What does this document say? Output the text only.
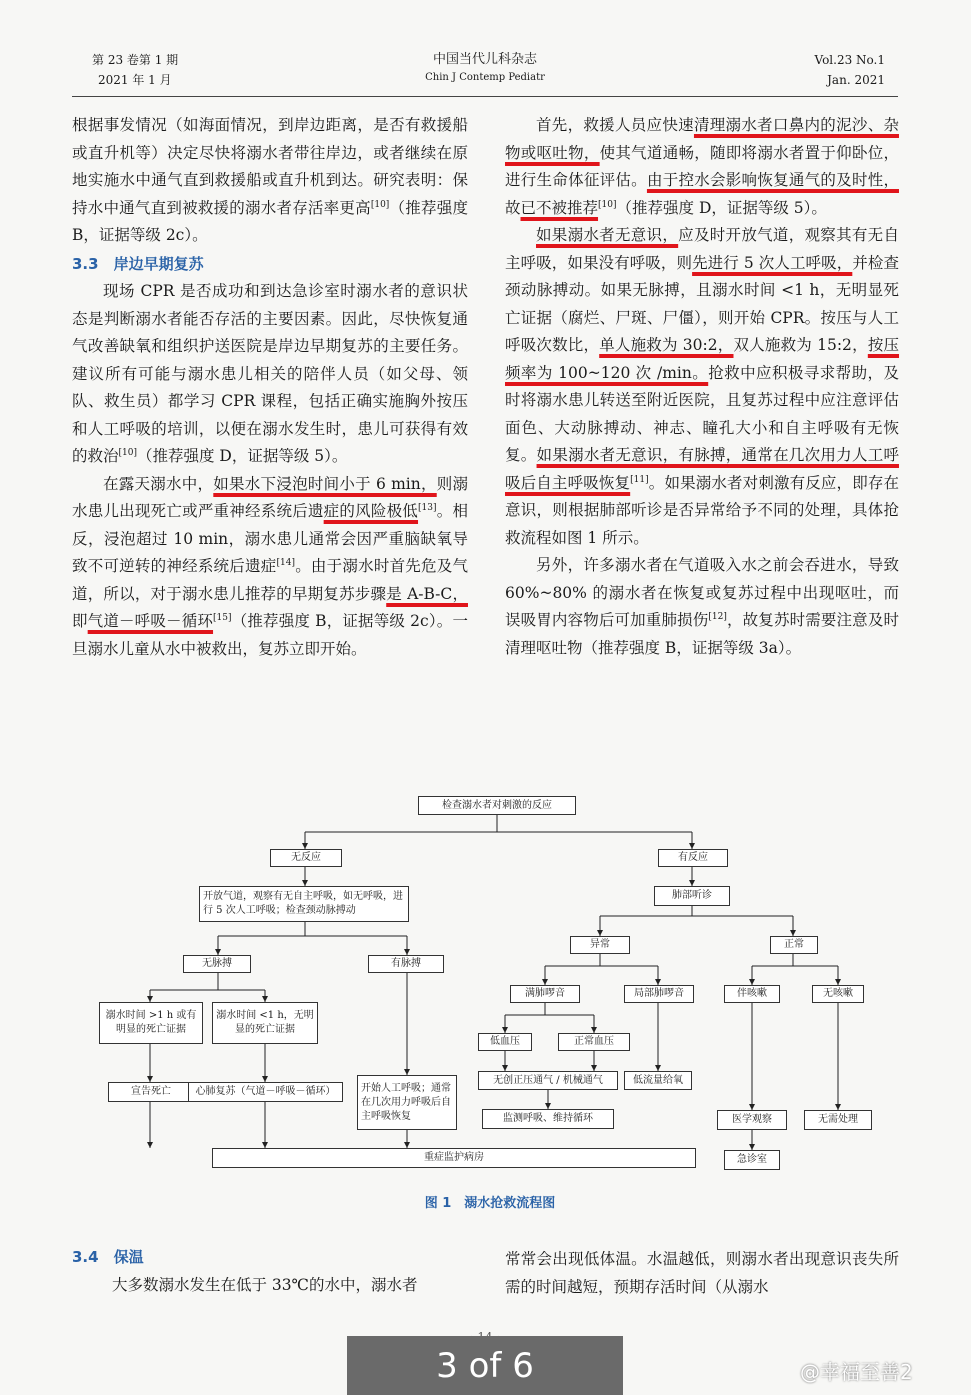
第 23 卷第 1 期
2021 年 1 月
中国当代儿科杂志
Chin J Contemp Pediatr
Vol.23 No.1
Jan. 2021

根据事发情况（如海面情况，到岸边距离，是否有救援船或直升机等）决定尽快将溺水者带往岸边，或者继续在原地实施水中通气直到救援船或直升机到达。研究表明：保持水中通气直到被救援的溺水者存活率更高[10]（推荐强度 B，证据等级 2c）。

3.3　岸边早期复苏

现场 CPR 是否成功和到达急诊室时溺水者的意识状态是判断溺水者能否存活的主要因素。因此，尽快恢复通气改善缺氧和组织护送医院是岸边早期复苏的主要任务。建议所有可能与溺水患儿相关的陪伴人员（如父母、领队、救生员）都学习 CPR 课程，包括正确实施胸外按压和人工呼吸的培训，以便在溺水发生时，患儿可获得有效的救治[10]（推荐强度 D，证据等级 5）。

在露天溺水中，如果水下浸泡时间小于 6 min，则溺水患儿出现死亡或严重神经系统后遗症的风险极低[13]。相反，浸泡超过 10 min，溺水患儿通常会因严重脑缺氧导致不可逆转的神经系统后遗症[14]。由于溺水时首先危及气道，所以，对于溺水患儿推荐的早期复苏步骤是 A-B-C，即气道－呼吸－循环[15]（推荐强度 B，证据等级 2c）。一旦溺水儿童从水中被救出，复苏立即开始。

首先，救援人员应快速清理溺水者口鼻内的泥沙、杂物或呕吐物，使其气道通畅，随即将溺水者置于仰卧位，进行生命体征评估。由于控水会影响恢复通气的及时性，故已不被推荐[10]（推荐强度 D，证据等级 5）。

如果溺水者无意识，应及时开放气道，观察其有无自主呼吸，如果没有呼吸，则先进行 5 次人工呼吸，并检查颈动脉搏动。如果无脉搏，且溺水时间 <1 h，无明显死亡证据（腐烂、尸斑、尸僵），则开始 CPR。按压与人工呼吸次数比，单人施救为 30:2，双人施救为 15:2，按压频率为 100~120 次 /min。抢救中应积极寻求帮助，及时将溺水患儿转送至附近医院，且复苏过程中应注意评估面色、大动脉搏动、神志、瞳孔大小和自主呼吸有无恢复。如果溺水者无意识，有脉搏，通常在几次用力人工呼吸后自主呼吸恢复[11]。如果溺水者对刺激有反应，即存在意识，则根据肺部听诊是否异常给予不同的处理，具体抢救流程如图 1 所示。

另外，许多溺水者在气道吸入水之前会吞进水，导致 60%~80% 的溺水者在恢复或复苏过程中出现呕吐，而误吸胃内容物后可加重肺损伤[12]，故复苏时需要注意及时清理呕吐物（推荐强度 B，证据等级 3a）。

检查溺水者对刺激的反应
无反应	有反应
开放气道，观察有无自主呼吸，如无呼吸，进行 5 次人工呼吸；检查颈动脉搏动
无脉搏	有脉搏
溺水时间 >1 h 或有明显的死亡证据
溺水时间 <1 h，无明显的死亡证据
宣告死亡	心肺复苏（气道－呼吸－循环）	开始人工呼吸；通常在几次用力呼吸后自主呼吸恢复
重症监护病房
肺部听诊
异常	正常
满肺啰音	局部肺啰音	伴咳嗽	无咳嗽
低血压	正常血压
无创正压通气 / 机械通气	低流量给氧
监测呼吸、维持循环	医学观察	无需处理
急诊室
图 1　溺水抢救流程图
3.4　保温
大多数溺水发生在低于 33℃的水中，溺水者
常常会出现低体温。水温越低，则溺水者出现意识丧失所需的时间越短，预期存活时间（从溺水
3 of 6	@幸福至善2
